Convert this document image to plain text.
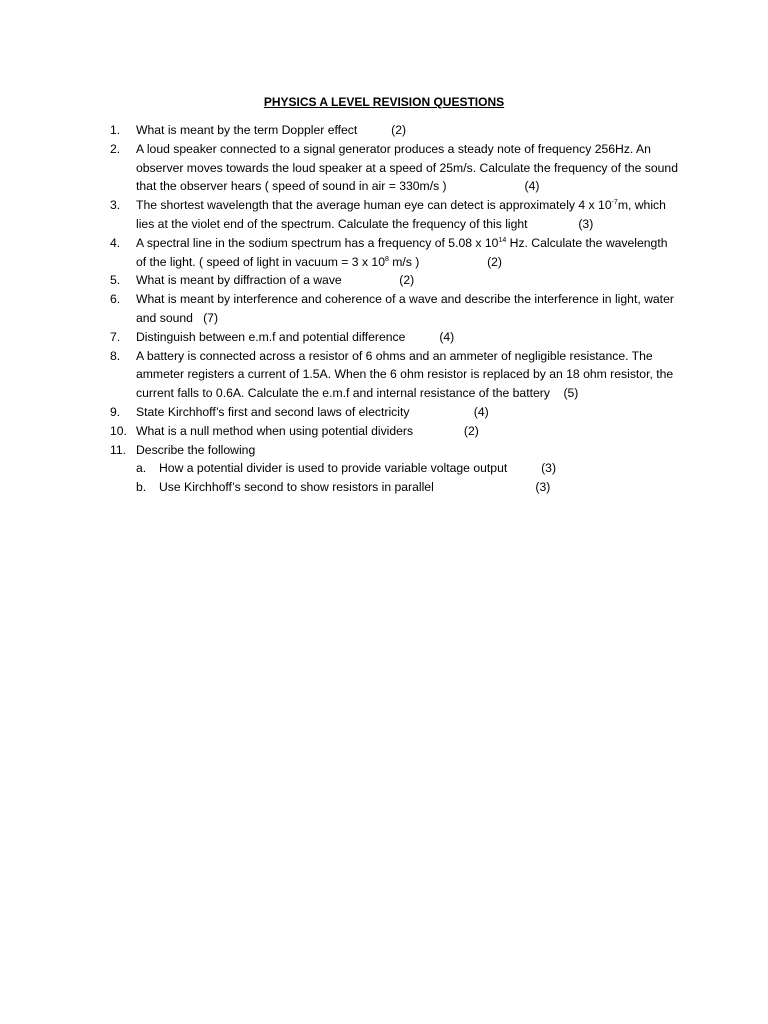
PHYSICS A LEVEL REVISION QUESTIONS
1.	What is meant by the term Doppler effect	(2)
2.	A loud speaker connected to a signal generator produces a steady note of frequency 256Hz. An observer moves towards the loud speaker at a speed of 25m/s. Calculate the frequency of the sound that the observer hears ( speed of sound in air = 330m/s )	(4)
3.	The shortest wavelength that the average human eye can detect is approximately 4 x $10^{-7}m$, which lies at the violet end of the spectrum. Calculate the frequency of this light	(3)
4.	A spectral line in the sodium spectrum has a frequency of 5.08 x $10^{14}$ Hz. Calculate the wavelength of the light. ( speed of light in vacuum = 3 x $10^8$ m/s )	(2)
5.	What is meant by diffraction of a wave	(2)
6.	What is meant by interference and coherence of a wave and describe the interference in light, water and sound (7)
7.	Distinguish between e.m.f and potential difference	(4)
8.	A battery is connected across a resistor of 6 ohms and an ammeter of negligible resistance. The ammeter registers a current of 1.5A. When the 6 ohm resistor is replaced by an 18 ohm resistor, the current falls to 0.6A. Calculate the e.m.f and internal resistance of the battery (5)
9.	State Kirchhoff’s first and second laws of electricity	(4)
10. What is a null method when using potential dividers	(2)
11. Describe the following
a.	How a potential divider is used to provide variable voltage output	(3)
b.	Use Kirchhoff’s second to show resistors in parallel	(3)
